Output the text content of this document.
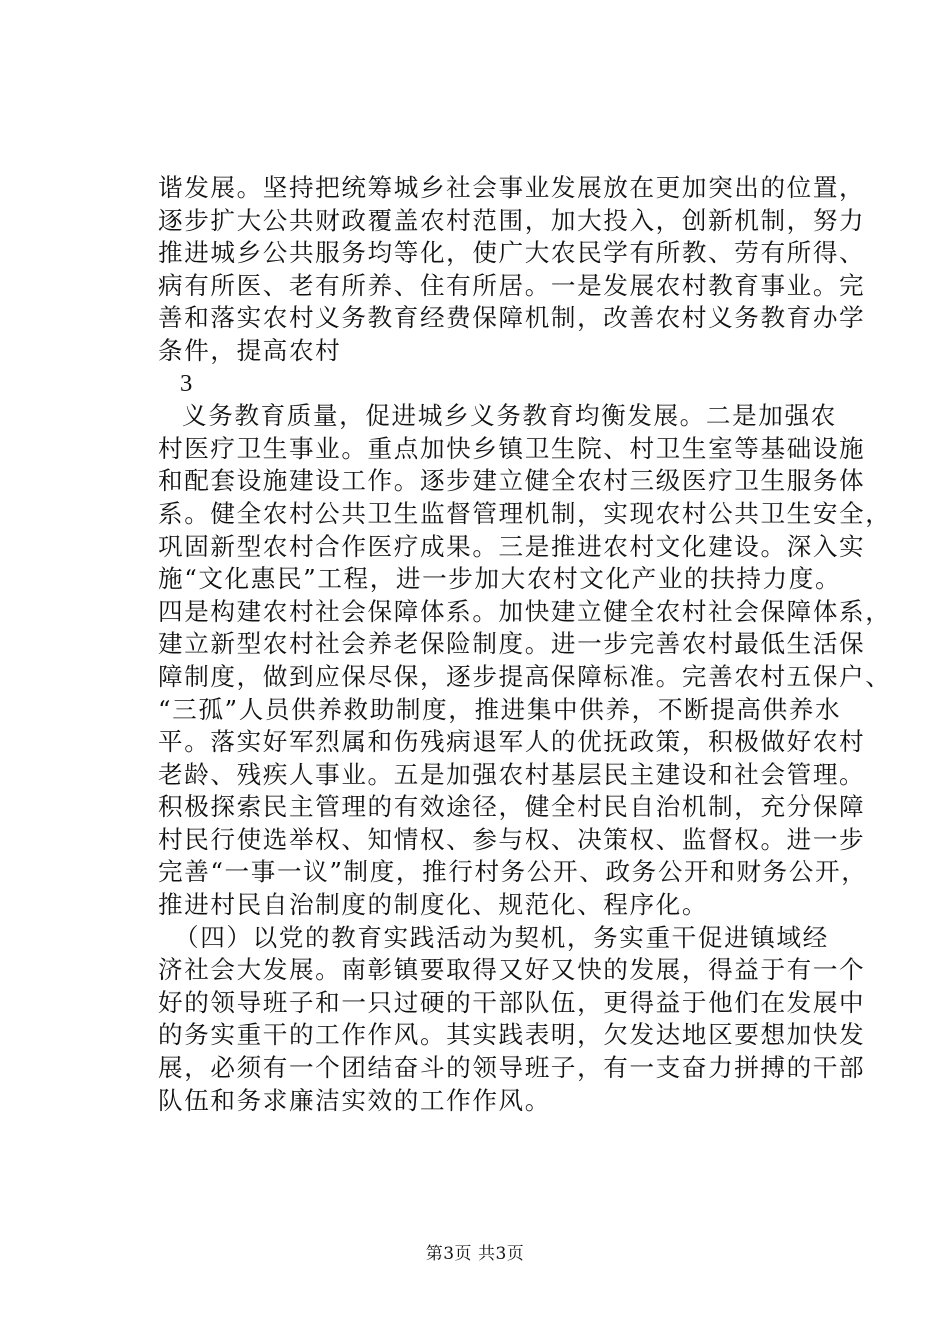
谐发展。坚持把统筹城乡社会事业发展放在更加突出的位置，
逐步扩大公共财政覆盖农村范围，加大投入，创新机制，努力
推进城乡公共服务均等化，使广大农民学有所教、劳有所得、
病有所医、老有所养、住有所居。一是发展农村教育事业。完
善和落实农村义务教育经费保障机制，改善农村义务教育办学
条件，提高农村
3
义务教育质量，促进城乡义务教育均衡发展。二是加强农
村医疗卫生事业。重点加快乡镇卫生院、村卫生室等基础设施
和配套设施建设工作。逐步建立健全农村三级医疗卫生服务体
系。健全农村公共卫生监督管理机制，实现农村公共卫生安全，
巩固新型农村合作医疗成果。三是推进农村文化建设。深入实
施“文化惠民”工程，进一步加大农村文化产业的扶持力度。
四是构建农村社会保障体系。加快建立健全农村社会保障体系，
建立新型农村社会养老保险制度。进一步完善农村最低生活保
障制度，做到应保尽保，逐步提高保障标准。完善农村五保户、
“三孤”人员供养救助制度，推进集中供养，不断提高供养水
平。落实好军烈属和伤残病退军人的优抚政策，积极做好农村
老龄、残疾人事业。五是加强农村基层民主建设和社会管理。
积极探索民主管理的有效途径，健全村民自治机制，充分保障
村民行使选举权、知情权、参与权、决策权、监督权。进一步
完善“一事一议”制度，推行村务公开、政务公开和财务公开，
推进村民自治制度的制度化、规范化、程序化。
（四）以党的教育实践活动为契机，务实重干促进镇域经
济社会大发展。南彰镇要取得又好又快的发展，得益于有一个
好的领导班子和一只过硬的干部队伍，更得益于他们在发展中
的务实重干的工作作风。其实践表明，欠发达地区要想加快发
展，必须有一个团结奋斗的领导班子，有一支奋力拼搏的干部
队伍和务求廉洁实效的工作作风。
第3页 共3页
